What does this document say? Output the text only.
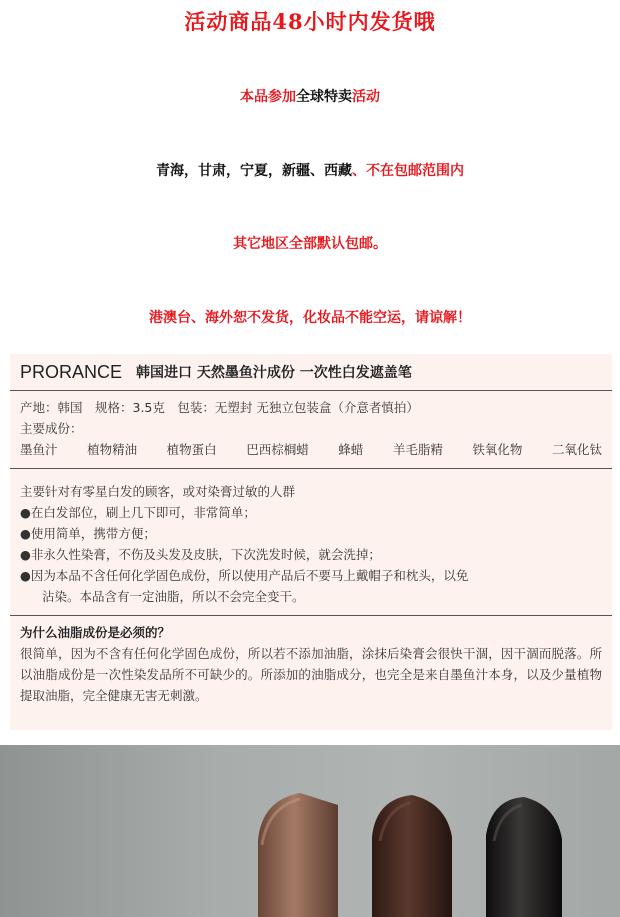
活动商品48小时内发货哦

本品参加全球特卖活动

青海，甘肃，宁夏，新疆、西藏、不在包邮范围内

其它地区全部默认包邮。

港澳台、海外恕不发货，化妆品不能空运，请谅解！

PRORANCE 韩国进口 天然墨鱼汁成份 一次性白发遮盖笔
产地：韩国　规格：3.5克　包装：无塑封 无独立包装盒（介意者慎拍）
主要成份：
墨鱼汁 植物精油 植物蛋白 巴西棕榈蜡 蜂蜡 羊毛脂精 铁氧化物 二氧化钛
主要针对有零星白发的顾客，或对染膏过敏的人群
●在白发部位，刷上几下即可，非常简单；
●使用简单，携带方便；
●非永久性染膏，不伤及头发及皮肤，下次洗发时候，就会洗掉；
●因为本品不含任何化学固色成份，所以使用产品后不要马上戴帽子和枕头，以免
沾染。本品含有一定油脂，所以不会完全变干。
为什么油脂成份是必须的？
很简单，因为不含有任何化学固色成份，所以若不添加油脂，涂抹后染膏会很快干涸，因干涸而脱落。所以油脂成份是一次性染发品所不可缺少的。所添加的油脂成分，也完全是来自墨鱼汁本身，以及少量植物提取油脂，完全健康无害无刺激。
